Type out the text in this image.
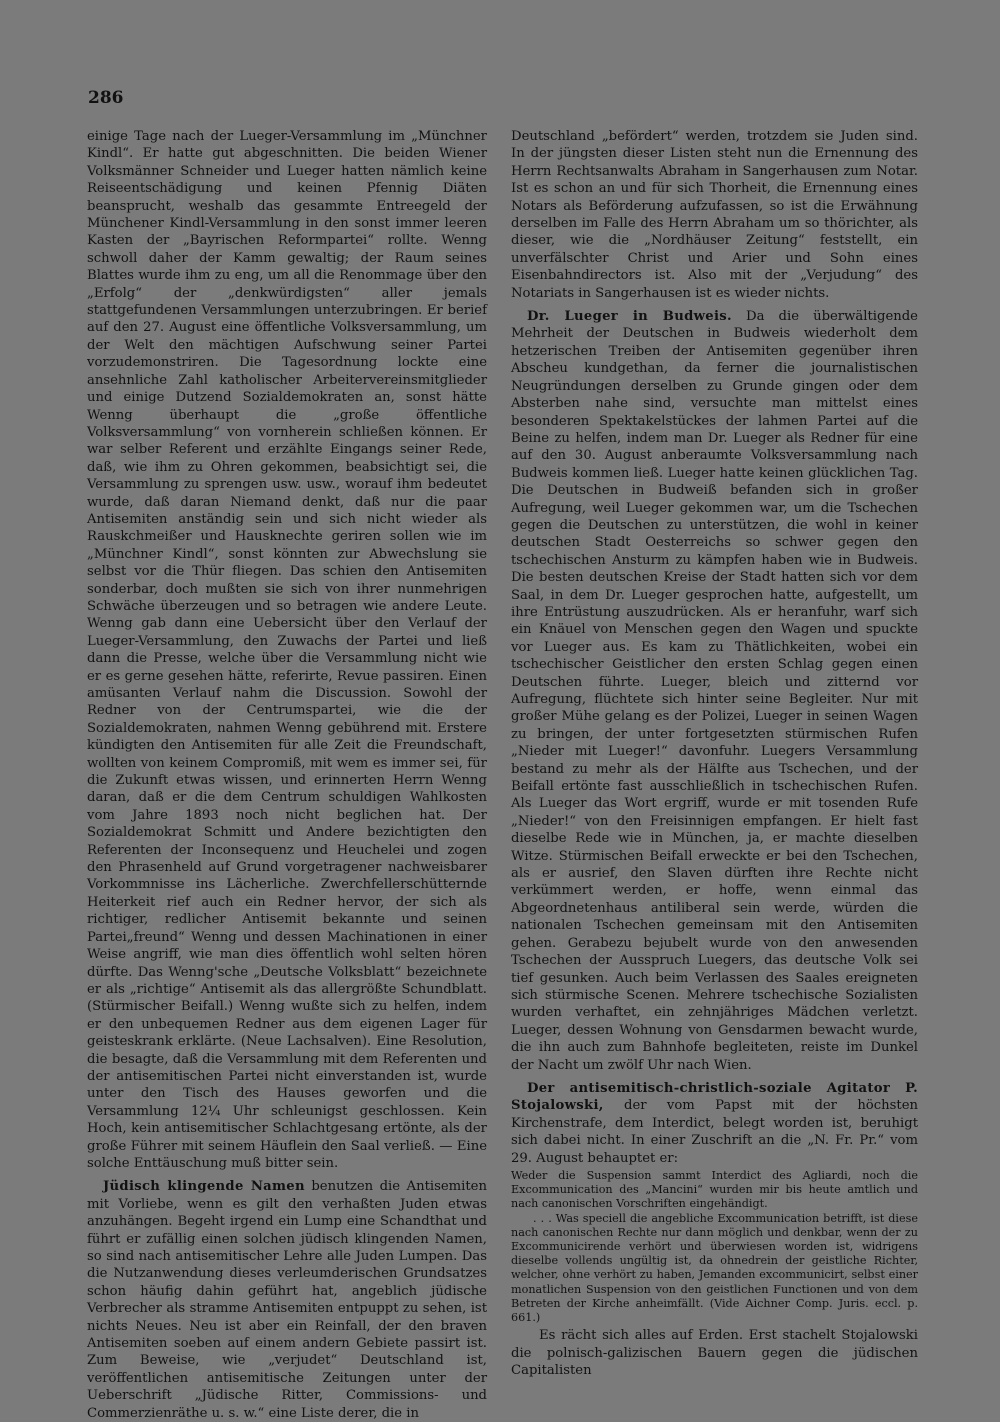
286

einige Tage nach der Lueger-Versammlung im „Münchner Kindl“. Er hatte gut abgeschnitten. Die beiden Wiener Volksmänner Schneider und Lueger hatten nämlich keine Reiseentschädigung und keinen Pfennig Diäten beansprucht, weshalb das gesammte Entreegeld der Münchener Kindl-Versammlung in den sonst immer leeren Kasten der „Bayrischen Reformpartei“ rollte. Wenng schwoll daher der Kamm gewaltig; der Raum seines Blattes wurde ihm zu eng, um all die Renommage über den „Erfolg“ der „denkwürdigsten“ aller jemals stattgefundenen Versammlungen unterzubringen. Er berief auf den 27. August eine öffentliche Volksversammlung, um der Welt den mächtigen Aufschwung seiner Partei vorzudemonstriren. Die Tagesordnung lockte eine ansehnliche Zahl katholischer Arbeitervereinsmitglieder und einige Dutzend Sozialdemokraten an, sonst hätte Wenng überhaupt die „große öffentliche Volksversammlung“ von vornherein schließen können. Er war selber Referent und erzählte Eingangs seiner Rede, daß, wie ihm zu Ohren gekommen, beabsichtigt sei, die Versammlung zu sprengen usw. usw., worauf ihm bedeutet wurde, daß daran Niemand denkt, daß nur die paar Antisemiten anständig sein und sich nicht wieder als Rauskchmeißer und Hausknechte geriren sollen wie im „Münchner Kindl“, sonst könnten zur Abwechslung sie selbst vor die Thür fliegen. Das schien den Antisemiten sonderbar, doch mußten sie sich von ihrer nunmehrigen Schwäche überzeugen und so betragen wie andere Leute. Wenng gab dann eine Uebersicht über den Verlauf der Lueger-Versammlung, den Zuwachs der Partei und ließ dann die Presse, welche über die Versammlung nicht wie er es gerne gesehen hätte, referirte, Revue passiren. Einen amüsanten Verlauf nahm die Discussion. Sowohl der Redner von der Centrumspartei, wie die der Sozialdemokraten, nahmen Wenng gebührend mit. Erstere kündigten den Antisemiten für alle Zeit die Freundschaft, wollten von keinem Compromiß, mit wem es immer sei, für die Zukunft etwas wissen, und erinnerten Herrn Wenng daran, daß er die dem Centrum schuldigen Wahlkosten vom Jahre 1893 noch nicht beglichen hat. Der Sozialdemokrat Schmitt und Andere bezichtigten den Referenten der Inconsequenz und Heuchelei und zogen den Phrasenheld auf Grund vorgetragener nachweisbarer Vorkommnisse ins Lächerliche. Zwerchfellerschütternde Heiterkeit rief auch ein Redner hervor, der sich als richtiger, redlicher Antisemit bekannte und seinen Partei„freund“ Wenng und dessen Machinationen in einer Weise angriff, wie man dies öffentlich wohl selten hören dürfte. Das Wenng'sche „Deutsche Volksblatt“ bezeichnete er als „richtige“ Antisemit als das allergrößte Schundblatt. (Stürmischer Beifall.) Wenng wußte sich zu helfen, indem er den unbequemen Redner aus dem eigenen Lager für geisteskrank erklärte. (Neue Lachsalven). Eine Resolution, die besagte, daß die Versammlung mit dem Referenten und der antisemitischen Partei nicht einverstanden ist, wurde unter den Tisch des Hauses geworfen und die Versammlung 12¼ Uhr schleunigst geschlossen. Kein Hoch, kein antisemitischer Schlachtgesang ertönte, als der große Führer mit seinem Häuflein den Saal verließ. — Eine solche Enttäuschung muß bitter sein.

Jüdisch klingende Namen benutzen die Antisemiten mit Vorliebe, wenn es gilt den verhaßten Juden etwas anzuhängen. Begeht irgend ein Lump eine Schandthat und führt er zufällig einen solchen jüdisch klingenden Namen, so sind nach antisemitischer Lehre alle Juden Lumpen. Das die Nutzanwendung dieses verleumderischen Grundsatzes schon häufig dahin geführt hat, angeblich jüdische Verbrecher als stramme Antisemiten entpuppt zu sehen, ist nichts Neues. Neu ist aber ein Reinfall, der den braven Antisemiten soeben auf einem andern Gebiete passirt ist. Zum Beweise, wie „verjudet“ Deutschland ist, veröffentlichen antisemitische Zeitungen unter der Ueberschrift „Jüdische Ritter, Commissions- und Commerzienräthe u. s. w.“ eine Liste derer, die in

Deutschland „befördert“ werden, trotzdem sie Juden sind. In der jüngsten dieser Listen steht nun die Ernennung des Herrn Rechtsanwalts Abraham in Sangerhausen zum Notar. Ist es schon an und für sich Thorheit, die Ernennung eines Notars als Beförderung aufzufassen, so ist die Erwähnung derselben im Falle des Herrn Abraham um so thörichter, als dieser, wie die „Nordhäuser Zeitung“ feststellt, ein unverfälschter Christ und Arier und Sohn eines Eisenbahndirectors ist. Also mit der „Verjudung“ des Notariats in Sangerhausen ist es wieder nichts.

Dr. Lueger in Budweis. Da die überwältigende Mehrheit der Deutschen in Budweis wiederholt dem hetzerischen Treiben der Antisemiten gegenüber ihren Abscheu kundgethan, da ferner die journalistischen Neugründungen derselben zu Grunde gingen oder dem Absterben nahe sind, versuchte man mittelst eines besonderen Spektakelstückes der lahmen Partei auf die Beine zu helfen, indem man Dr. Lueger als Redner für eine auf den 30. August anberaumte Volksversammlung nach Budweis kommen ließ. Lueger hatte keinen glücklichen Tag. Die Deutschen in Budweiß befanden sich in großer Aufregung, weil Lueger gekommen war, um die Tschechen gegen die Deutschen zu unterstützen, die wohl in keiner deutschen Stadt Oesterreichs so schwer gegen den tschechischen Ansturm zu kämpfen haben wie in Budweis. Die besten deutschen Kreise der Stadt hatten sich vor dem Saal, in dem Dr. Lueger gesprochen hatte, aufgestellt, um ihre Entrüstung auszudrücken. Als er heranfuhr, warf sich ein Knäuel von Menschen gegen den Wagen und spuckte vor Lueger aus. Es kam zu Thätlichkeiten, wobei ein tschechischer Geistlicher den ersten Schlag gegen einen Deutschen führte. Lueger, bleich und zitternd vor Aufregung, flüchtete sich hinter seine Begleiter. Nur mit großer Mühe gelang es der Polizei, Lueger in seinen Wagen zu bringen, der unter fortgesetzten stürmischen Rufen „Nieder mit Lueger!“ davonfuhr. Luegers Versammlung bestand zu mehr als der Hälfte aus Tschechen, und der Beifall ertönte fast ausschließlich in tschechischen Rufen. Als Lueger das Wort ergriff, wurde er mit tosenden Rufe „Nieder!“ von den Freisinnigen empfangen. Er hielt fast dieselbe Rede wie in München, ja, er machte dieselben Witze. Stürmischen Beifall erweckte er bei den Tschechen, als er ausrief, den Slaven dürften ihre Rechte nicht verkümmert werden, er hoffe, wenn einmal das Abgeordnetenhaus antiliberal sein werde, würden die nationalen Tschechen gemeinsam mit den Antisemiten gehen. Gerabezu bejubelt wurde von den anwesenden Tschechen der Ausspruch Luegers, das deutsche Volk sei tief gesunken. Auch beim Verlassen des Saales ereigneten sich stürmische Scenen. Mehrere tschechische Sozialisten wurden verhaftet, ein zehnjähriges Mädchen verletzt. Lueger, dessen Wohnung von Gensdarmen bewacht wurde, die ihn auch zum Bahnhofe begleiteten, reiste im Dunkel der Nacht um zwölf Uhr nach Wien.

Der antisemitisch-christlich-soziale Agitator P. Stojalowski, der vom Papst mit der höchsten Kirchenstrafe, dem Interdict, belegt worden ist, beruhigt sich dabei nicht. In einer Zuschrift an die „N. Fr. Pr.“ vom 29. August behauptet er:

Weder die Suspension sammt Interdict des Agliardi, noch die Excommunication des „Mancini“ wurden mir bis heute amtlich und nach canonischen Vorschriften eingehändigt.

. . . Was speciell die angebliche Excommunication betrifft, ist diese nach canonischen Rechte nur dann möglich und denkbar, wenn der zu Excommunicirende verhört und überwiesen worden ist, widrigens dieselbe vollends ungültig ist, da ohnedrein der geistliche Richter, welcher, ohne verhört zu haben, Jemanden excommunicirt, selbst einer monatlichen Suspension von den geistlichen Functionen und von dem Betreten der Kirche anheimfällt. (Vide Aichner Comp. Juris. eccl. p. 661.)

Es rächt sich alles auf Erden. Erst stachelt Stojalowski die polnisch-galizischen Bauern gegen die jüdischen Capitalisten
